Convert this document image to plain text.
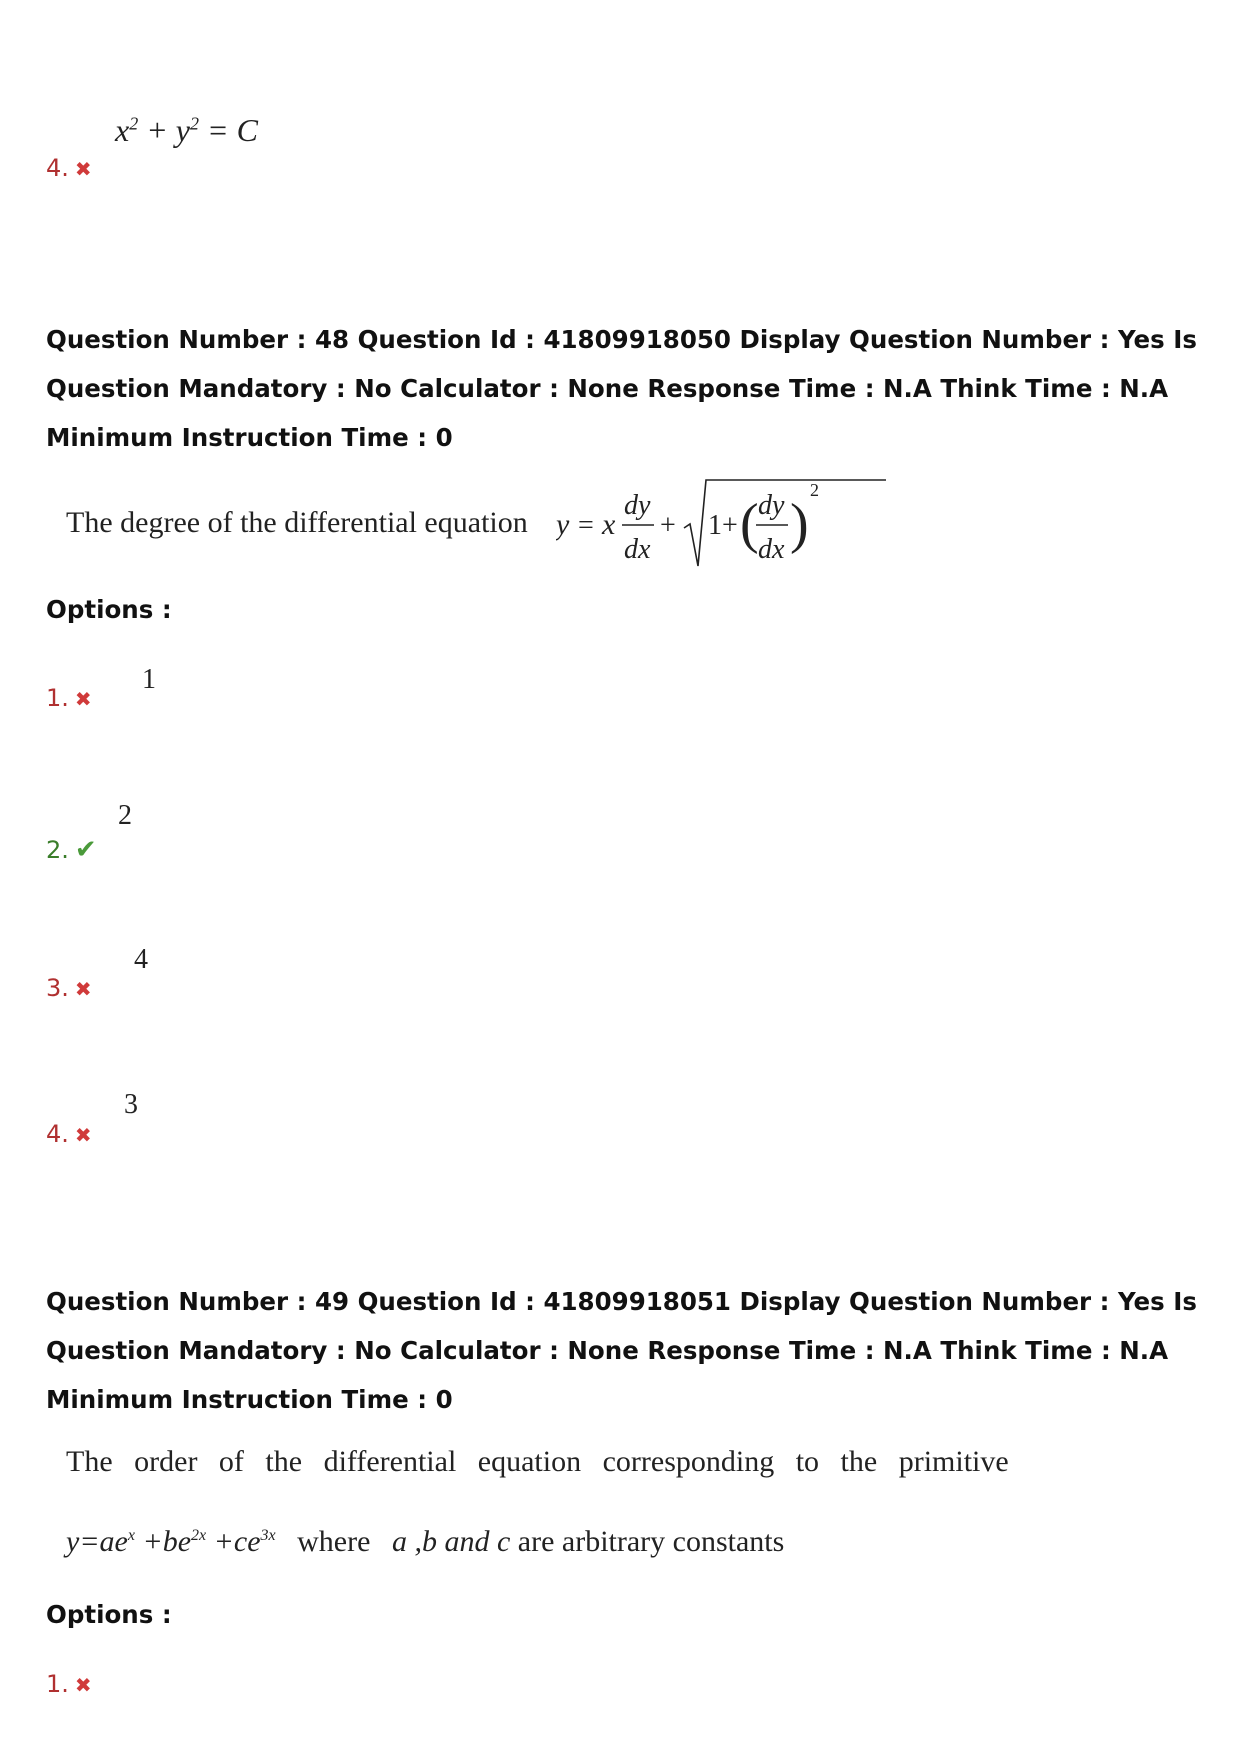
$x^2 + y^2 = C$
4. ✖
Question Number : 48 Question Id : 41809918050 Display Question Number : Yes Is Question Mandatory : No Calculator : None Response Time : N.A Think Time : N.A Minimum Instruction Time : 0
The degree of the differential equation y = x
dy
dx
+ 1 + ( dy
dx )
2
Options :
1
1. ✖
2
2. ✔
4
3. ✖
3
4. ✖
Question Number : 49 Question Id : 41809918051 Display Question Number : Yes Is Question Mandatory : No Calculator : None Response Time : N.A Think Time : N.A Minimum Instruction Time : 0
The order of the differential equation corresponding to the primitive
$y=ae^x +be^{2x} +ce^{3x}$ where a ,b and c are arbitrary constants
Options :
1. ✖
